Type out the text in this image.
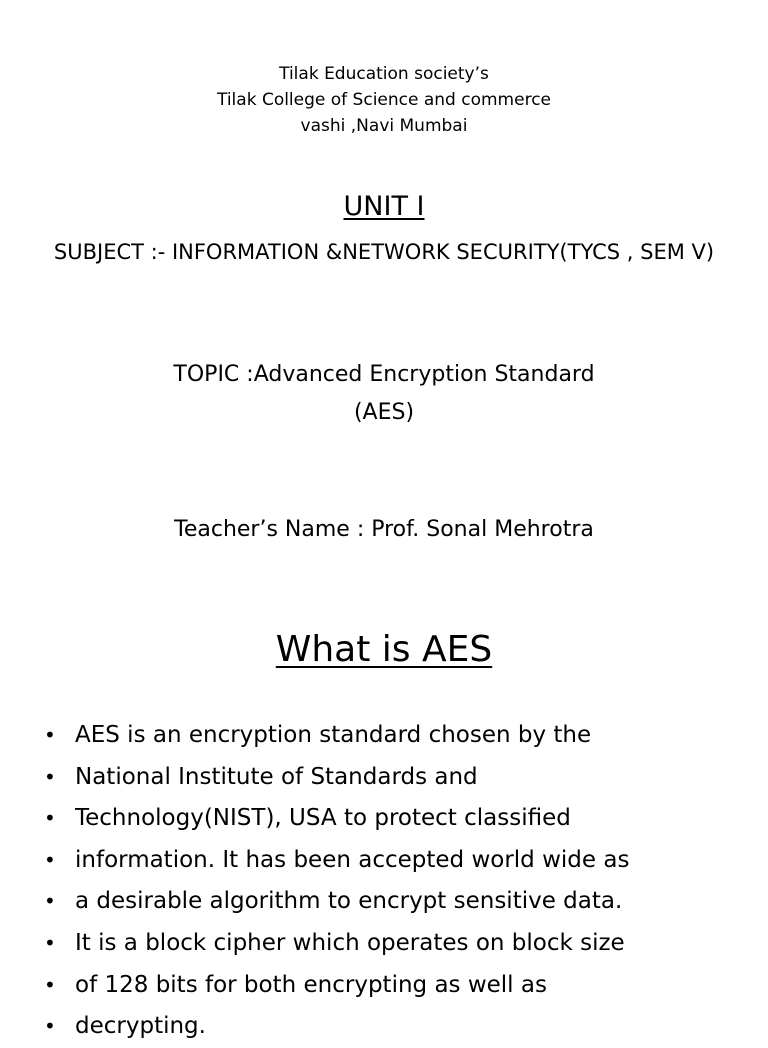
Tilak Education society’s
Tilak College of Science and commerce
vashi ,Navi Mumbai
UNIT I
SUBJECT :- INFORMATION &NETWORK SECURITY(TYCS , SEM V)
TOPIC :Advanced Encryption Standard
(AES)
Teacher’s Name : Prof. Sonal Mehrotra
What is AES
• AES is an encryption standard chosen by the
• National Institute of Standards and
• Technology(NIST), USA to protect classified
• information. It has been accepted world wide as
• a desirable algorithm to encrypt sensitive data.
• It is a block cipher which operates on block size
• of 128 bits for both encrypting as well as
• decrypting.
